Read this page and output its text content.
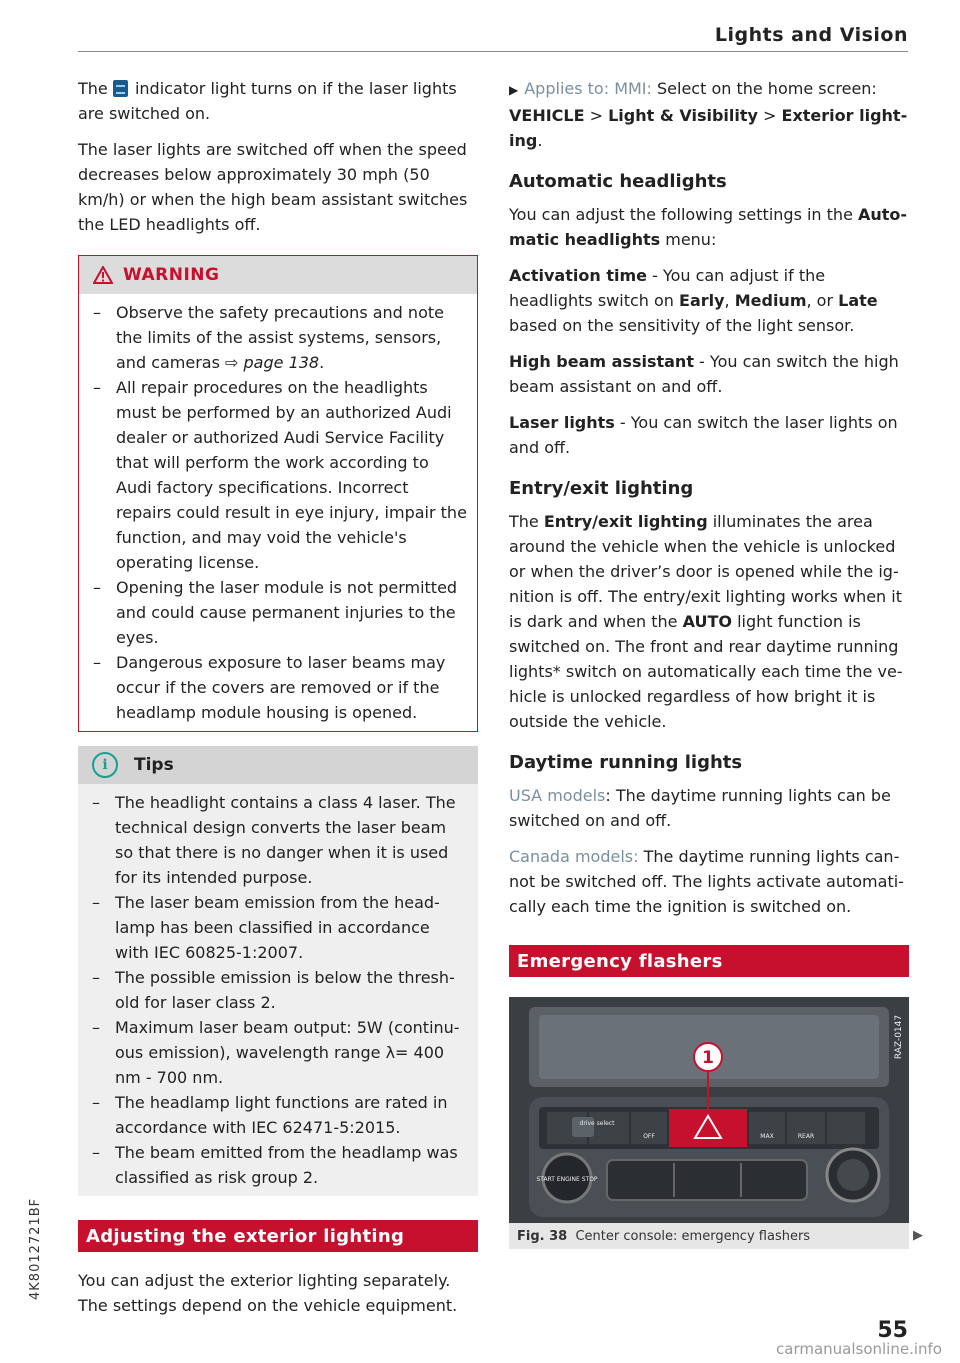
Lights and Vision

The indicator light turns on if the laser lights are switched on.

The laser lights are switched off when the speed decreases below approximately 30 mph (50 km/h) or when the high beam assistant switches the LED headlights off.

WARNING
– Observe the safety precautions and note the limits of the assist systems, sensors, and cameras ⇨ page 138.
– All repair procedures on the headlights must be performed by an authorized Audi dealer or authorized Audi Service Facility that will perform the work according to Audi factory specifications. Incorrect repairs could result in eye injury, impair the function, and may void the vehicle's operating license.
– Opening the laser module is not permitted and could cause permanent injuries to the eyes.
– Dangerous exposure to laser beams may occur if the covers are removed or if the headlamp module housing is opened.
i	Tips
– The headlight contains a class 4 laser. The technical design converts the laser beam so that there is no danger when it is used for its intended purpose.
– The laser beam emission from the headlamp has been classified in accordance with IEC 60825-1:2007.
– The possible emission is below the threshold for laser class 2.
– Maximum laser beam output: 5W (continuous emission), wavelength range λ= 400 nm - 700 nm.
– The headlamp light functions are rated in accordance with IEC 62471-5:2015.
– The beam emitted from the headlamp was classified as risk group 2.
Adjusting the exterior lighting

You can adjust the exterior lighting separately. The settings depend on the vehicle equipment.

▶ Applies to: MMI: Select on the home screen:
VEHICLE > Light & Visibility > Exterior lighting.

Automatic headlights

You can adjust the following settings in the Automatic headlights menu:

Activation time - You can adjust if the headlights switch on Early, Medium, or Late based on the sensitivity of the light sensor.

High beam assistant - You can switch the high beam assistant on and off.

Laser lights - You can switch the laser lights on and off.

Entry/exit lighting

The Entry/exit lighting illuminates the area around the vehicle when the vehicle is unlocked or when the driver’s door is opened while the ignition is off. The entry/exit lighting works when it is dark and when the AUTO light function is switched on. The front and rear daytime running lights* switch on automatically each time the vehicle is unlocked regardless of how bright it is outside the vehicle.

Daytime running lights

USA models: The daytime running lights can be switched on and off.

Canada models: The daytime running lights cannot be switched off. The lights activate automatically each time the ignition is switched on.

Emergency flashers
1
drive select
OFF	MAX	REAR
START ENGINE STOP
RAZ-0147
Fig. 38
Center console: emergency flashers	▶
4K8012721BF
55
carmanualsonline.info
